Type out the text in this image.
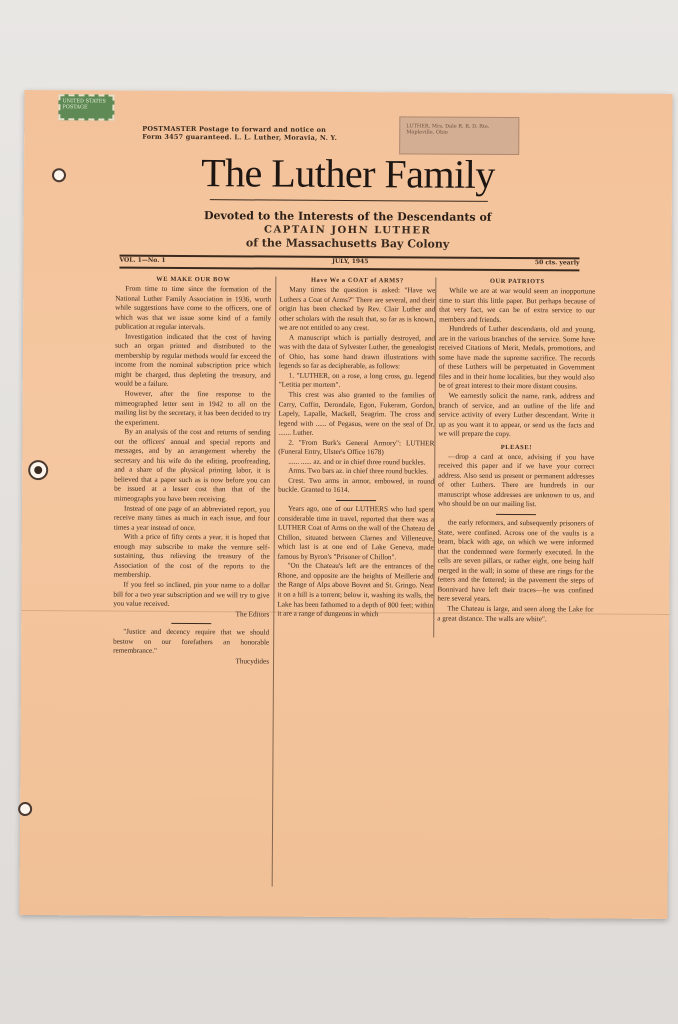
UNITED STATES POSTAGE
POSTMASTER Postage to forward and notice on
Form 3457 guaranteed. L. L. Luther, Moravia, N. Y.
LUTHER, Mrs. Dale R. R. D. Rte. Mapleville, Ohio
The Luther Family
Devoted to the Interests of the Descendants of
CAPTAIN JOHN LUTHER
of the Massachusetts Bay Colony
VOL. 1—No. 1	JULY, 1945	50 cts. yearly
WE MAKE OUR BOW

From time to time since the formation of the National Luther Family Association in 1936, worth while suggestions have come to the officers, one of which was that we issue some kind of a family publication at regular intervals.

Investigation indicated that the cost of having such an organ printed and distributed to the membership by regular methods would far exceed the income from the nominal subscription price which might be charged, thus depleting the treasury, and would be a failure.

However, after the fine response to the mimeographed letter sent in 1942 to all on the mailing list by the secretary, it has been decided to try the experiment.

By an analysis of the cost and returns of sending out the officers' annual and special reports and messages, and by an arrangement whereby the secretary and his wife do the editing, proofreading, and a share of the physical printing labor, it is believed that a paper such as is now before you can be issued at a lesser cost than that of the mimeographs you have been receiving.

Instead of one page of an abbreviated report, you receive many times as much in each issue, and four times a year instead of once.

With a price of fifty cents a year, it is hoped that enough may subscribe to make the venture self-sustaining, thus relieving the treasury of the Association of the cost of the reports to the membership.

If you feel so inclined, pin your name to a dollar bill for a two year subscription and we will try to give you value received.

The Editors

"Justice and decency require that we should bestow on our forefathers an honorable remembrance."

Thucydides

Have We a COAT of ARMS?

Many times the question is asked: "Have we Luthers a Coat of Arms?" There are several, and their origin has been checked by Rev. Clair Luther and other scholars with the result that, so far as is known, we are not entitled to any crest.

A manuscript which is partially destroyed, and was with the data of Sylvester Luther, the genealogist of Ohio, has some hand drawn illustrations with legends so far as decipherable, as follows:

1. "LUTHER, on a rose, a long cross, gu. legend "Letitia per mortem".

This crest was also granted to the families of Carry, Coffin, Derondale, Egon, Fukeram, Gordon, Lapely, Lapalle, Mackell, Seagrim. The cross and legend with ...... of Pegasus, were on the seal of Dr. ....... Luther.

2. "From Burk's General Armory": LUTHER (Funeral Entry, Ulster's Office 1678)

...... ...... az. and or in chief three round buckles.

Arms. Two bars az. in chief three round buckles.

Crest. Two arms in armor, embowed, in round buckle. Granted to 1614.

Years ago, one of our LUTHERS who had spent considerable time in travel, reported that there was a LUTHER Coat of Arms on the wall of the Chateau de Chillon, situated between Clarnes and Villeneuve, which last is at one end of Lake Geneva, made famous by Byron's "Prisoner of Chillon".

"On the Chateau's left are the entrances of the Rhone, and opposite are the heights of Meillerie and the Range of Alps above Bovret and St. Gringo. Near it on a hill is a torrent; below it, washing its walls, the Lake has been fathomed to a depth of 800 feet; within it are a range of dungeons in which

OUR PATRIOTS

While we are at war would seem an inopportune time to start this little paper. But perhaps because of that very fact, we can be of extra service to our members and friends.

Hundreds of Luther descendants, old and young, are in the various branches of the service. Some have received Citations of Merit, Medals, promotions, and some have made the supreme sacrifice. The records of these Luthers will be perpetuated in Government files and in their home localities, but they would also be of great interest to their more distant cousins.

We earnestly solicit the name, rank, address and branch of service, and an outline of the life and service activity of every Luther descendant. Write it up as you want it to appear, or send us the facts and we will prepare the copy.

PLEASE!

—drop a card at once, advising if you have received this paper and if we have your correct address. Also send us present or permanent addresses of other Luthers. There are hundreds in our manuscript whose addresses are unknown to us, and who should be on our mailing list.

the early reformers, and subsequently prisoners of State, were confined. Across one of the vaults is a beam, black with age, on which we were informed that the condemned were formerly executed. In the cells are seven pillars, or rather eight, one being half merged in the wall; in some of these are rings for the fetters and the fettered; in the pavement the steps of Bonnivard have left their traces—he was confined here several years.

The Chateau is large, and seen along the Lake for a great distance. The walls are white".
